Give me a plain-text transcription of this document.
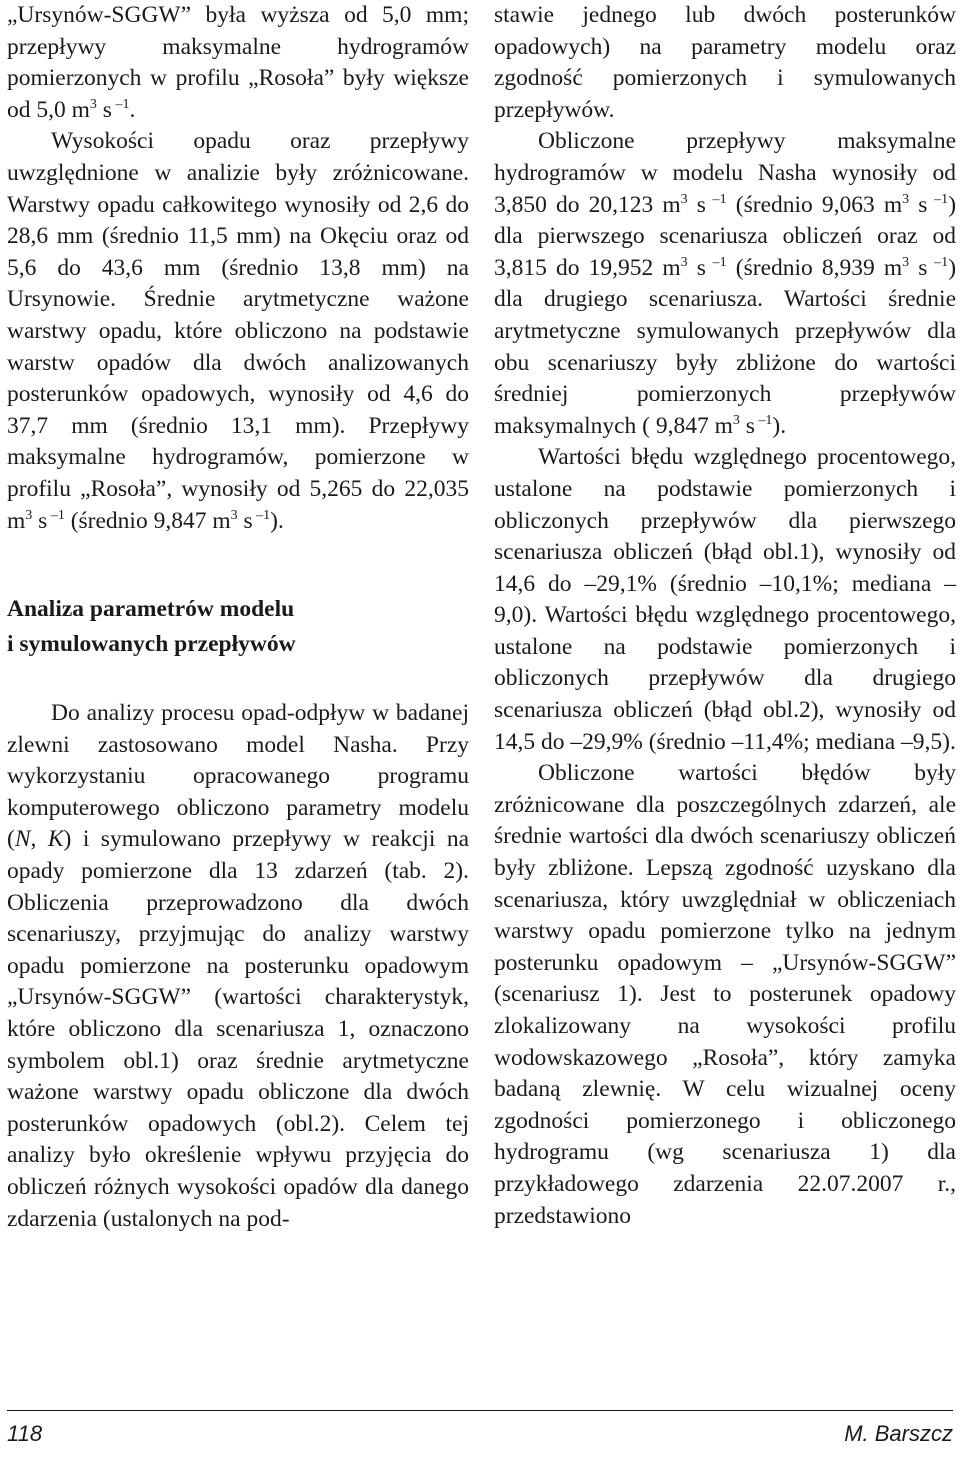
„Ursynów-SGGW” była wyższa od 5,0 mm; przepływy maksymalne hydrogramów pomierzonych w profilu „Rosoła” były większe od 5,0 $m^3$ s $^{-1}$.

Wysokości opadu oraz przepływy uwzględnione w analizie były zróżnicowane. Warstwy opadu całkowitego wynosiły od 2,6 do 28,6 mm (średnio 11,5 mm) na Okęciu oraz od 5,6 do 43,6 mm (średnio 13,8 mm) na Ursynowie. Średnie arytmetyczne ważone warstwy opadu, które obliczono na podstawie warstw opadów dla dwóch analizowanych posterunków opadowych, wynosiły od 4,6 do 37,7 mm (średnio 13,1 mm). Przepływy maksymalne hydrogramów, pomierzone w profilu „Rosoła”, wynosiły od 5,265 do 22,035 $m^3$ s $^{-1}$ (średnio 9,847 $m^3$ s $^{-1}$).

Analiza parametrów modelu
i symulowanych przepływów

Do analizy procesu opad-odpływ w badanej zlewni zastosowano model Nasha. Przy wykorzystaniu opracowanego programu komputerowego obliczono parametry modelu (N, K) i symulowano przepływy w reakcji na opady pomierzone dla 13 zdarzeń (tab. 2). Obliczenia przeprowadzono dla dwóch scenariuszy, przyjmując do analizy warstwy opadu pomierzone na posterunku opadowym „Ursynów-SGGW” (wartości charakterystyk, które obliczono dla scenariusza 1, oznaczono symbolem obl.1) oraz średnie arytmetyczne ważone warstwy opadu obliczone dla dwóch posterunków opadowych (obl.2). Celem tej analizy było określenie wpływu przyjęcia do obliczeń różnych wysokości opadów dla danego zdarzenia (ustalonych na pod-

stawie jednego lub dwóch posterunków opadowych) na parametry modelu oraz zgodność pomierzonych i symulowanych przepływów.

Obliczone przepływy maksymalne hydrogramów w modelu Nasha wynosiły od 3,850 do 20,123 $m^3$ s $^{-1}$ (średnio 9,063 $m^3$ s $^{-1}$) dla pierwszego scenariusza obliczeń oraz od 3,815 do 19,952 $m^3$ s $^{-1}$ (średnio 8,939 $m^3$ s $^{-1}$) dla drugiego scenariusza. Wartości średnie arytmetyczne symulowanych przepływów dla obu scenariuszy były zbliżone do wartości średniej pomierzonych przepływów maksymalnych ( 9,847 $m^3$ s $^{-1}$).

Wartości błędu względnego procentowego, ustalone na podstawie pomierzonych i obliczonych przepływów dla pierwszego scenariusza obliczeń (błąd obl.1), wynosiły od 14,6 do –29,1% (średnio –10,1%; mediana –9,0). Wartości błędu względnego procentowego, ustalone na podstawie pomierzonych i obliczonych przepływów dla drugiego scenariusza obliczeń (błąd obl.2), wynosiły od 14,5 do –29,9% (średnio –11,4%; mediana –9,5).

Obliczone wartości błędów były zróżnicowane dla poszczególnych zdarzeń, ale średnie wartości dla dwóch scenariuszy obliczeń były zbliżone. Lepszą zgodność uzyskano dla scenariusza, który uwzględniał w obliczeniach warstwy opadu pomierzone tylko na jednym posterunku opadowym – „Ursynów-SGGW” (scenariusz 1). Jest to posterunek opadowy zlokalizowany na wysokości profilu wodowskazowego „Rosoła”, który zamyka badaną zlewnię. W celu wizualnej oceny zgodności pomierzonego i obliczonego hydrogramu (wg scenariusza 1) dla przykładowego zdarzenia 22.07.2007 r., przedstawiono

118	M. Barszcz
